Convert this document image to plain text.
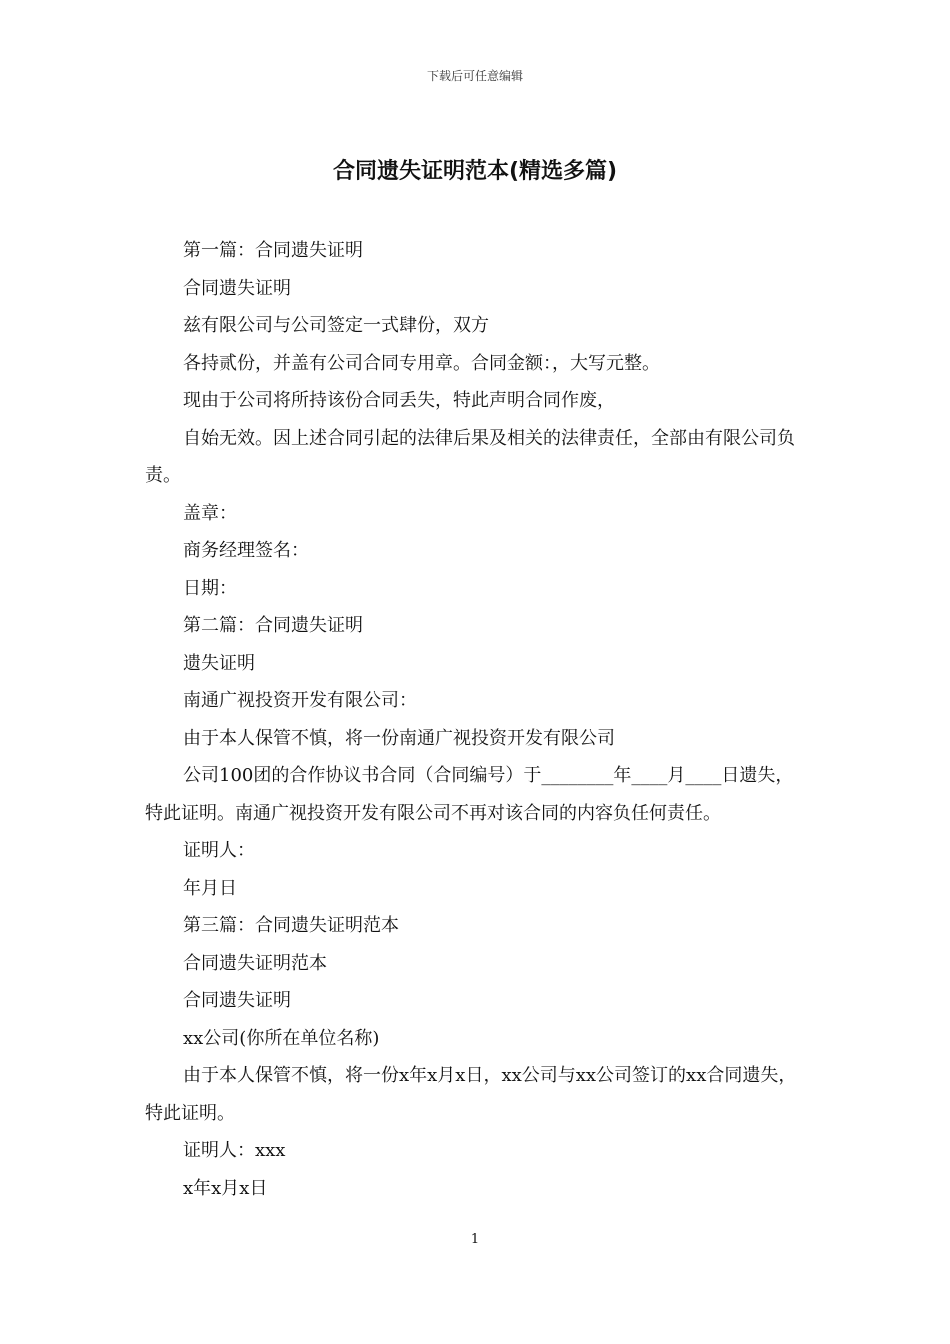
下载后可任意编辑
合同遗失证明范本(精选多篇)

第一篇：合同遗失证明

合同遗失证明

兹有限公司与公司签定一式肆份，双方

各持贰份，并盖有公司合同专用章。合同金额：，大写元整。

现由于公司将所持该份合同丢失，特此声明合同作废，

自始无效。因上述合同引起的法律后果及相关的法律责任，全部由有限公司负责。

盖章：

商务经理签名：

日期：

第二篇：合同遗失证明

遗失证明

南通广视投资开发有限公司：

由于本人保管不慎，将一份南通广视投资开发有限公司

公司100团的合作协议书合同（合同编号）于________年____月____日遗失，特此证明。南通广视投资开发有限公司不再对该合同的内容负任何责任。

证明人：

年月日

第三篇：合同遗失证明范本

合同遗失证明范本

合同遗失证明

xx公司(你所在单位名称)

由于本人保管不慎，将一份x年x月x日，xx公司与xx公司签订的xx合同遗失，特此证明。

证明人：xxx

x年x月x日

1
